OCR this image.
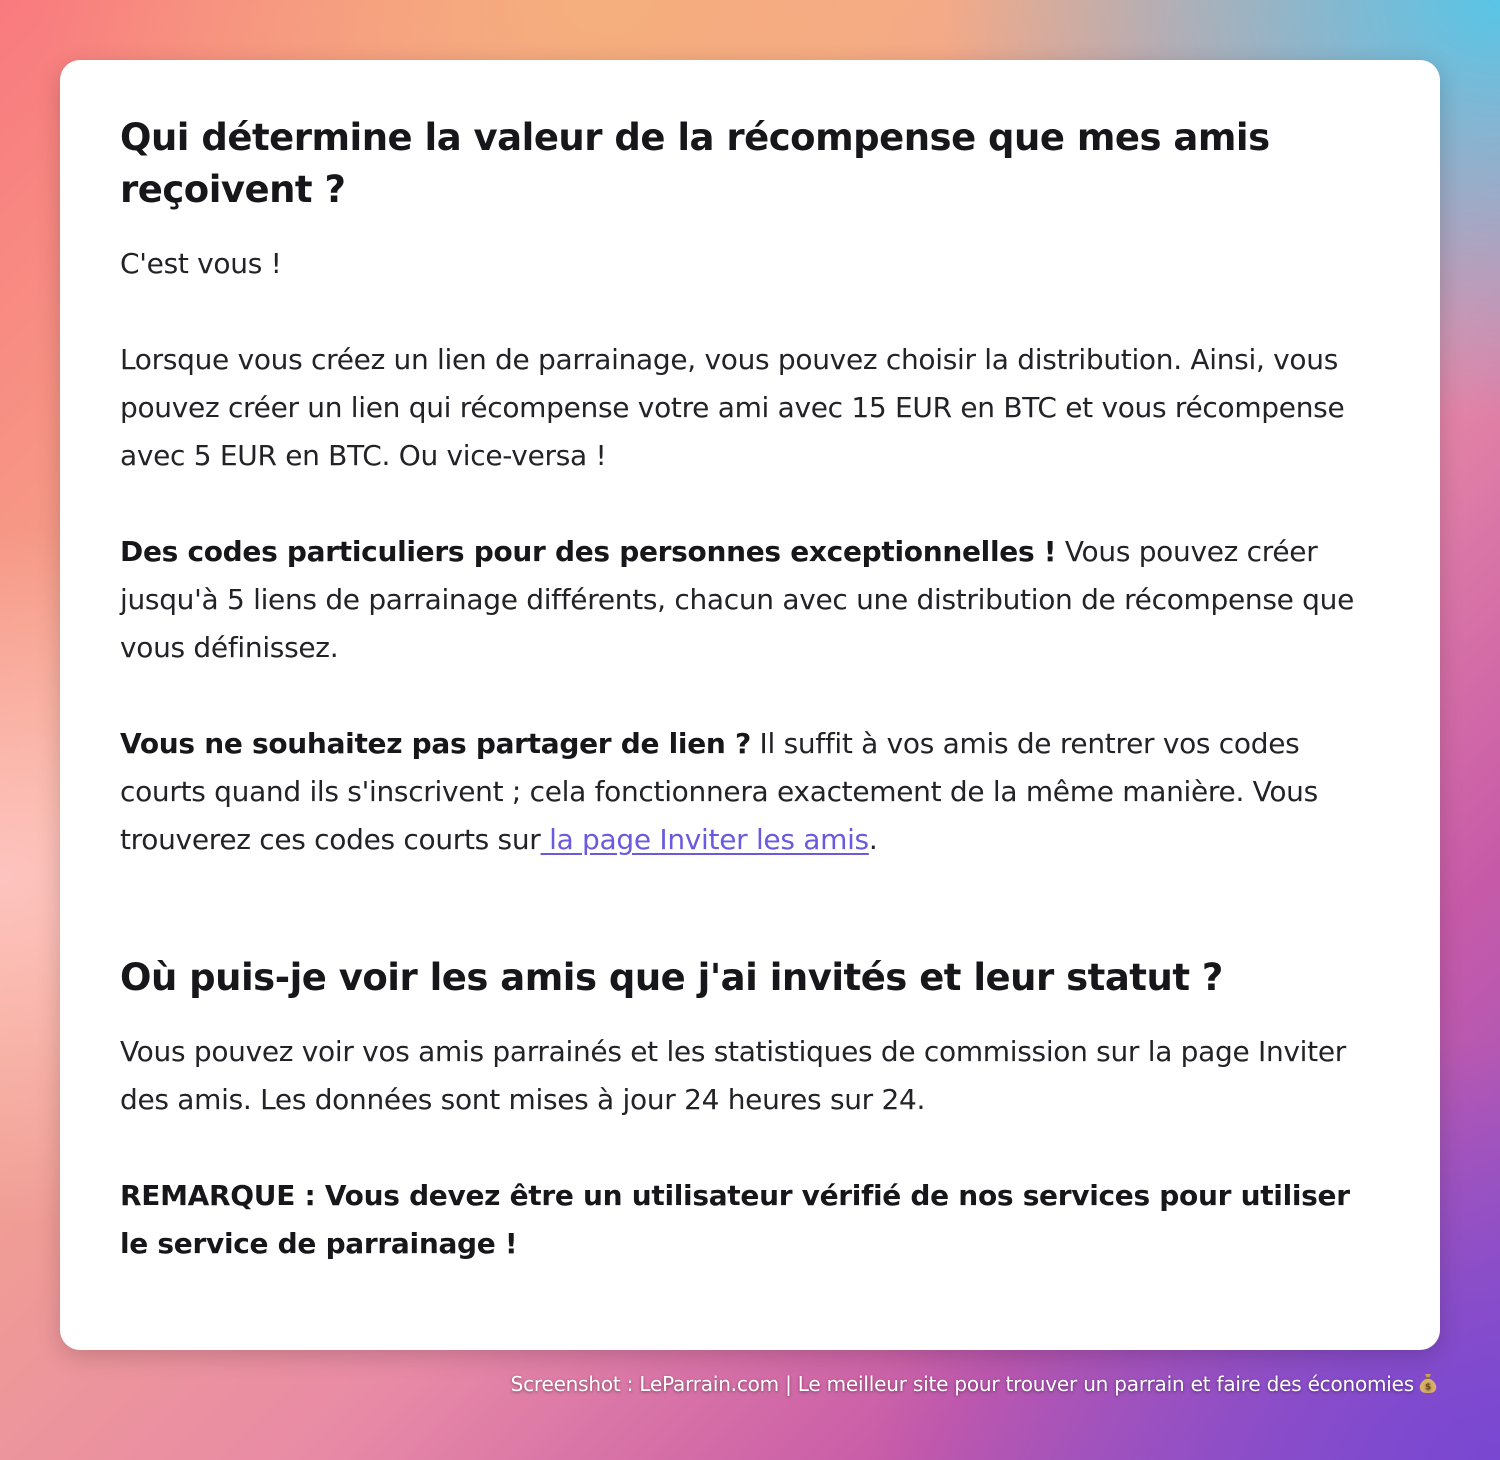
Qui détermine la valeur de la récompense que mes amis reçoivent ?

C'est vous !

Lorsque vous créez un lien de parrainage, vous pouvez choisir la distribution. Ainsi, vous pouvez créer un lien qui récompense votre ami avec 15 EUR en BTC et vous récompense avec 5 EUR en BTC. Ou vice-versa !

Des codes particuliers pour des personnes exceptionnelles ! Vous pouvez créer jusqu'à 5 liens de parrainage différents, chacun avec une distribution de récompense que vous définissez.

Vous ne souhaitez pas partager de lien ? Il suffit à vos amis de rentrer vos codes courts quand ils s'inscrivent ; cela fonctionnera exactement de la même manière. Vous trouverez ces codes courts sur la page Inviter les amis.

Où puis-je voir les amis que j'ai invités et leur statut ?

Vous pouvez voir vos amis parrainés et les statistiques de commission sur la page Inviter des amis. Les données sont mises à jour 24 heures sur 24.

REMARQUE : Vous devez être un utilisateur vérifié de nos services pour utiliser le service de parrainage !

Screenshot : LeParrain.com | Le meilleur site pour trouver un parrain et faire des économies $
